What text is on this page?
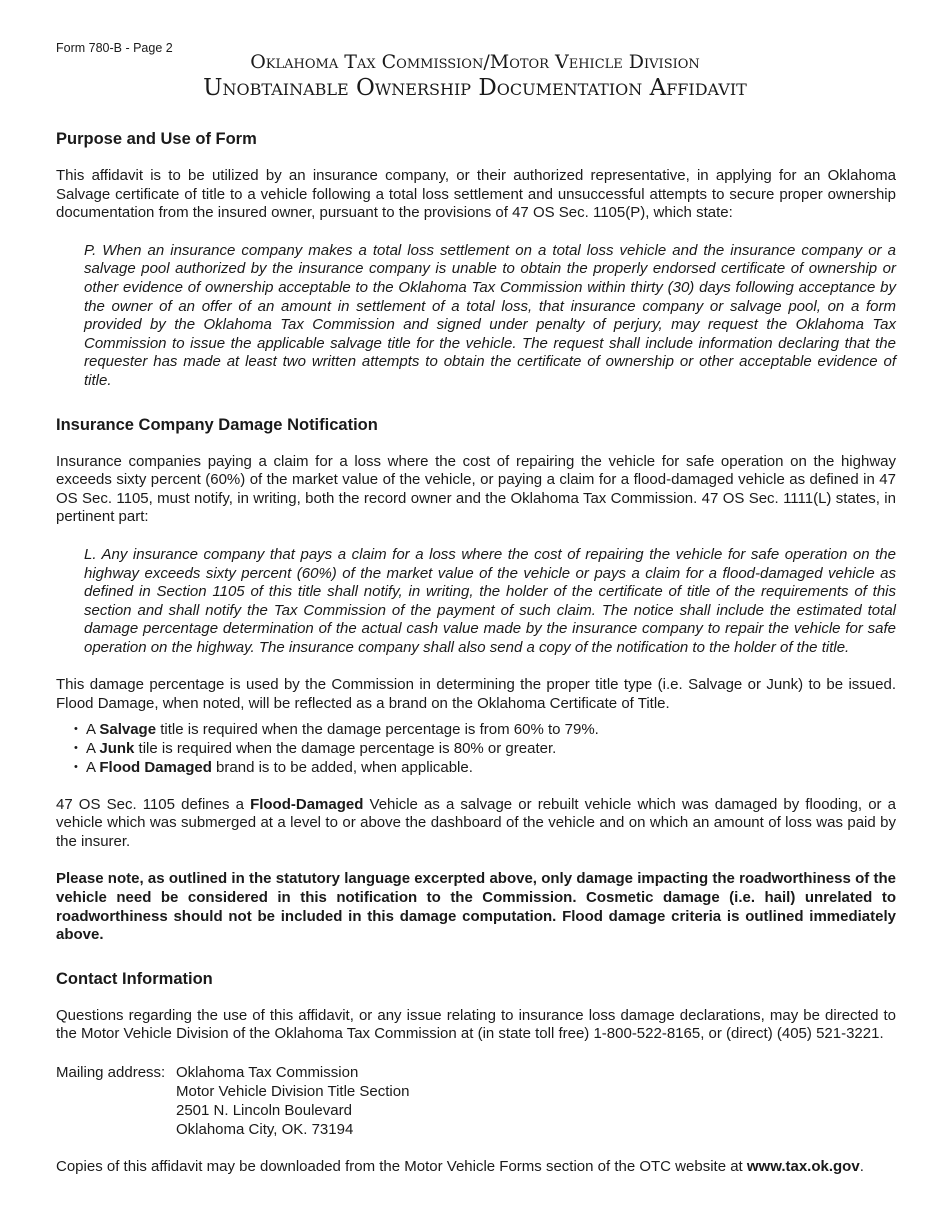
Form 780-B - Page 2
Oklahoma Tax Commission/Motor Vehicle Division
Unobtainable Ownership Documentation Affidavit
Purpose and Use of Form

This affidavit is to be utilized by an insurance company, or their authorized representative, in applying for an Oklahoma Salvage certificate of title to a vehicle following a total loss settlement and unsuccessful attempts to secure proper ownership documentation from the insured owner, pursuant to the provisions of 47 OS Sec. 1105(P), which state:

P. When an insurance company makes a total loss settlement on a total loss vehicle and the insurance company or a salvage pool authorized by the insurance company is unable to obtain the properly endorsed certificate of ownership or other evidence of ownership acceptable to the Oklahoma Tax Commission within thirty (30) days following acceptance by the owner of an offer of an amount in settlement of a total loss, that insurance company or salvage pool, on a form provided by the Oklahoma Tax Commission and signed under penalty of perjury, may request the Oklahoma Tax Commission to issue the applicable salvage title for the vehicle. The request shall include information declaring that the requester has made at least two written attempts to obtain the certificate of ownership or other acceptable evidence of title.

Insurance Company Damage Notification

Insurance companies paying a claim for a loss where the cost of repairing the vehicle for safe operation on the highway exceeds sixty percent (60%) of the market value of the vehicle, or paying a claim for a flood-damaged vehicle as defined in 47 OS Sec. 1105, must notify, in writing, both the record owner and the Oklahoma Tax Commission. 47 OS Sec. 1111(L) states, in pertinent part:

L. Any insurance company that pays a claim for a loss where the cost of repairing the vehicle for safe operation on the highway exceeds sixty percent (60%) of the market value of the vehicle or pays a claim for a flood-damaged vehicle as defined in Section 1105 of this title shall notify, in writing, the holder of the certificate of title of the requirements of this section and shall notify the Tax Commission of the payment of such claim. The notice shall include the estimated total damage percentage determination of the actual cash value made by the insurance company to repair the vehicle for safe operation on the highway. The insurance company shall also send a copy of the notification to the holder of the title.

This damage percentage is used by the Commission in determining the proper title type (i.e. Salvage or Junk) to be issued. Flood Damage, when noted, will be reflected as a brand on the Oklahoma Certificate of Title.

• A Salvage title is required when the damage percentage is from 60% to 79%.
• A Junk tile is required when the damage percentage is 80% or greater.
• A Flood Damaged brand is to be added, when applicable.

47 OS Sec. 1105 defines a Flood-Damaged Vehicle as a salvage or rebuilt vehicle which was damaged by flooding, or a vehicle which was submerged at a level to or above the dashboard of the vehicle and on which an amount of loss was paid by the insurer.

Please note, as outlined in the statutory language excerpted above, only damage impacting the roadworthiness of the vehicle need be considered in this notification to the Commission. Cosmetic damage (i.e. hail) unrelated to roadworthiness should not be included in this damage computation. Flood damage criteria is outlined immediately above.

Contact Information

Questions regarding the use of this affidavit, or any issue relating to insurance loss damage declarations, may be directed to the Motor Vehicle Division of the Oklahoma Tax Commission at (in state toll free) 1-800-522-8165, or (direct) (405) 521-3221.

Mailing address: Oklahoma Tax Commission
Motor Vehicle Division Title Section
2501 N. Lincoln Boulevard
Oklahoma City, OK. 73194

Copies of this affidavit may be downloaded from the Motor Vehicle Forms section of the OTC website at www.tax.ok.gov.
